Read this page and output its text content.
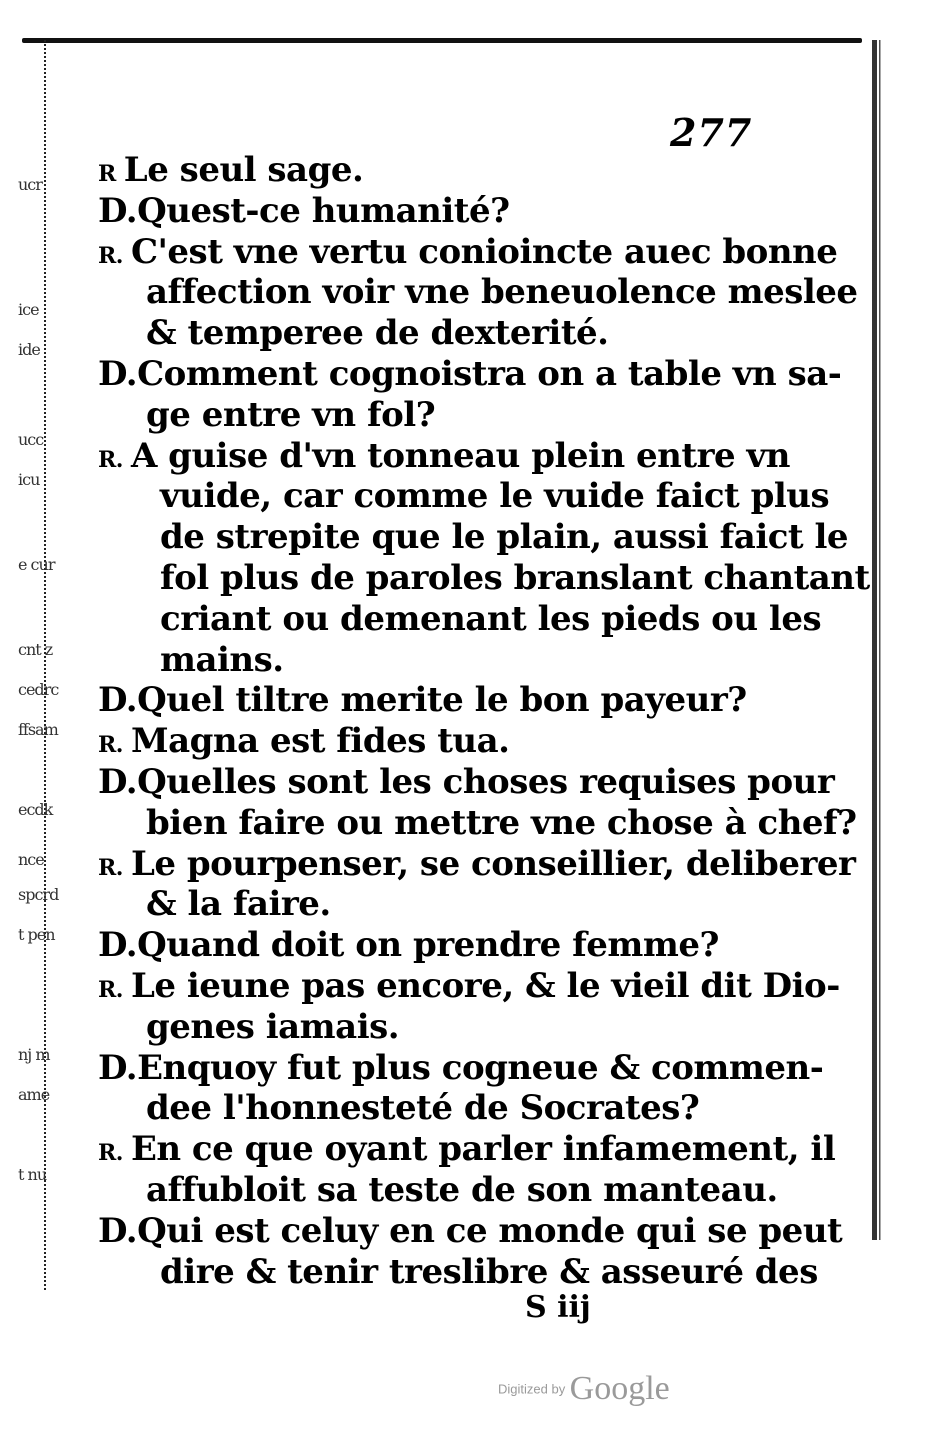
ucr
ice
ide
ucc
icu
e cur
cnt z
cedrc
ffsam
ecdk
nce
spcrd
t pen
nj m
ame
t nu
277
R Le seul sage.
D.Quest-ce humanité?
R. C'est vne vertu conioincte auec bonne
affection voir vne beneuolence meslee
& temperee de dexterité.
D.Comment cognoistra on a table vn sa-
ge entre vn fol?
R. A guise d'vn tonneau plein entre vn
vuide, car comme le vuide faict plus
de strepite que le plain, aussi faict le
fol plus de paroles branslant chantant
criant ou demenant les pieds ou les
mains.
D.Quel tiltre merite le bon payeur?
R. Magna est fides tua.
D.Quelles sont les choses requises pour
bien faire ou mettre vne chose à chef?
R. Le pourpenser, se conseillier, deliberer
& la faire.
D.Quand doit on prendre femme?
R. Le ieune pas encore, & le vieil dit Dio-
genes iamais.
D.Enquoy fut plus cogneue & commen-
dee l'honnesteté de Socrates?
R. En ce que oyant parler infamement, il
affubloit sa teste de son manteau.
D.Qui est celuy en ce monde qui se peut
dire & tenir treslibre & asseuré des
S iij
Digitized by Google
